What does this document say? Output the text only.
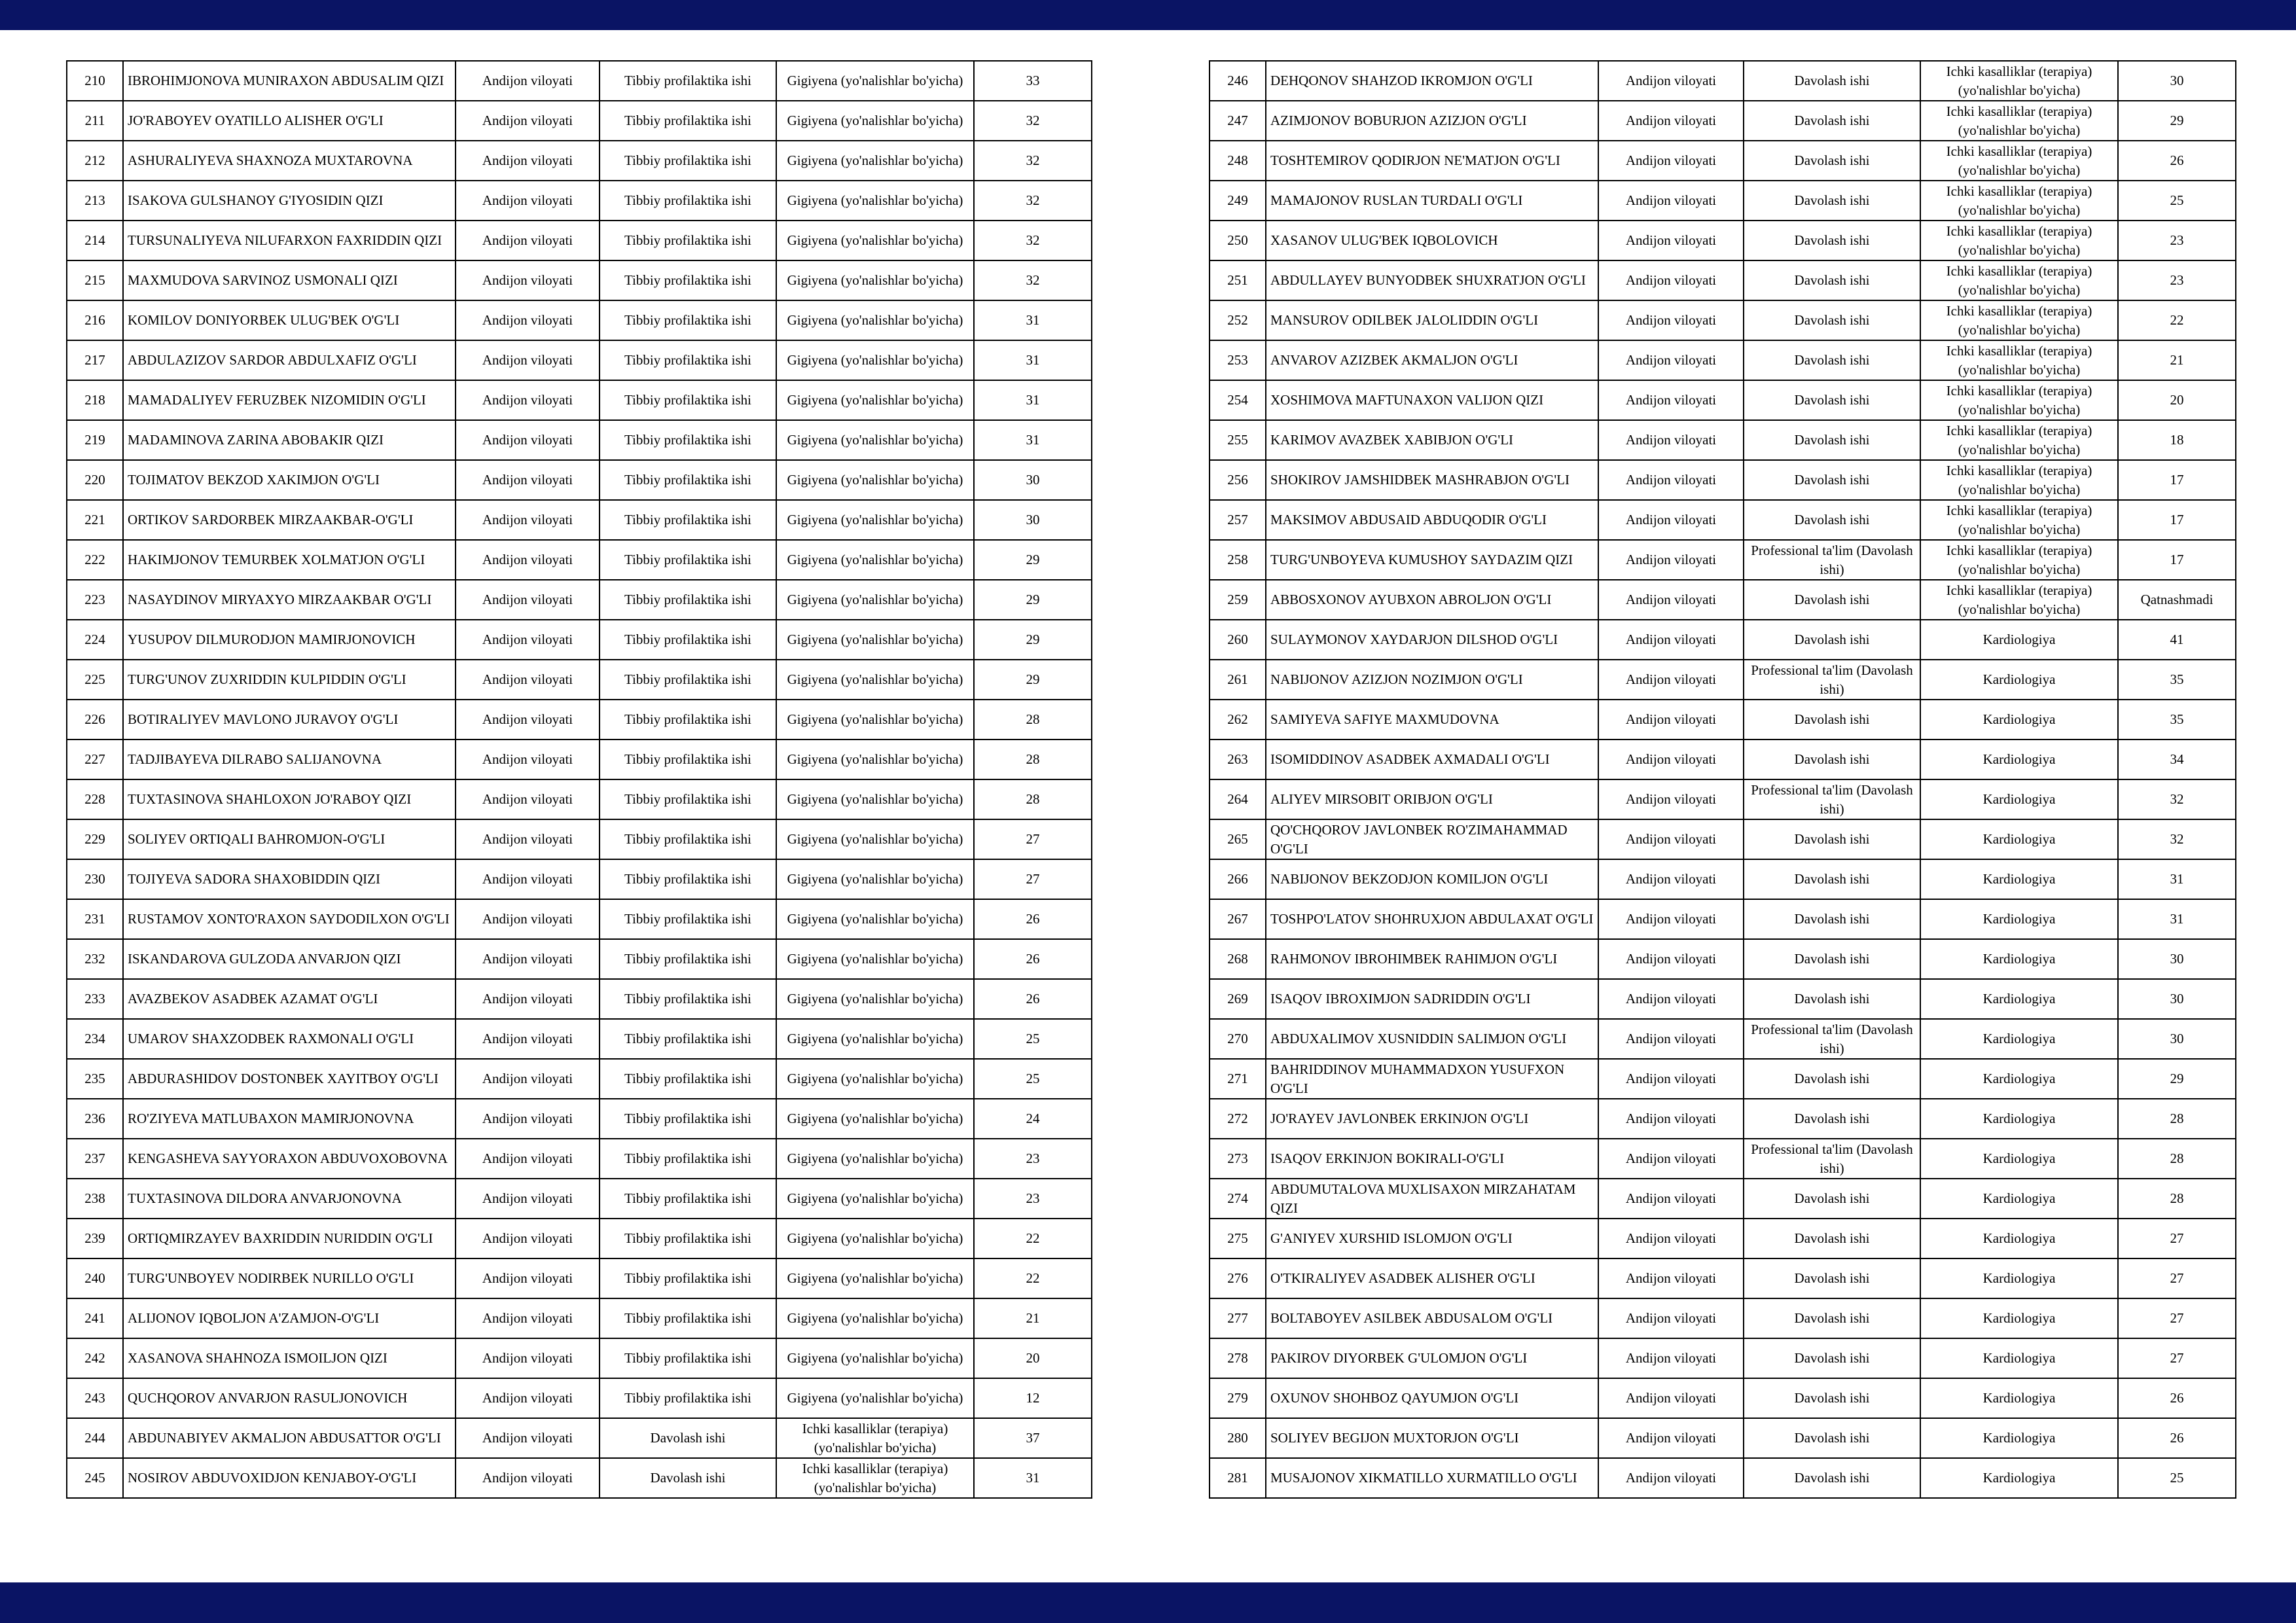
210	IBROHIMJONOVA MUNIRAXON ABDUSALIM QIZI	Andijon viloyati	Tibbiy profilaktika ishi	Gigiyena (yo'nalishlar bo'yicha)	33
211	JO'RABOYEV OYATILLO ALISHER O'G'LI	Andijon viloyati	Tibbiy profilaktika ishi	Gigiyena (yo'nalishlar bo'yicha)	32
212	ASHURALIYEVA SHAXNOZA MUXTAROVNA	Andijon viloyati	Tibbiy profilaktika ishi	Gigiyena (yo'nalishlar bo'yicha)	32
213	ISAKOVA GULSHANOY G'IYOSIDIN QIZI	Andijon viloyati	Tibbiy profilaktika ishi	Gigiyena (yo'nalishlar bo'yicha)	32
214	TURSUNALIYEVA NILUFARXON FAXRIDDIN QIZI	Andijon viloyati	Tibbiy profilaktika ishi	Gigiyena (yo'nalishlar bo'yicha)	32
215	MAXMUDOVA SARVINOZ USMONALI QIZI	Andijon viloyati	Tibbiy profilaktika ishi	Gigiyena (yo'nalishlar bo'yicha)	32
216	KOMILOV DONIYORBEK ULUG'BEK O'G'LI	Andijon viloyati	Tibbiy profilaktika ishi	Gigiyena (yo'nalishlar bo'yicha)	31
217	ABDULAZIZOV SARDOR ABDULXAFIZ O'G'LI	Andijon viloyati	Tibbiy profilaktika ishi	Gigiyena (yo'nalishlar bo'yicha)	31
218	MAMADALIYEV FERUZBEK NIZOMIDIN O'G'LI	Andijon viloyati	Tibbiy profilaktika ishi	Gigiyena (yo'nalishlar bo'yicha)	31
219	MADAMINOVA ZARINA ABOBAKIR QIZI	Andijon viloyati	Tibbiy profilaktika ishi	Gigiyena (yo'nalishlar bo'yicha)	31
220	TOJIMATOV BEKZOD XAKIMJON O'G'LI	Andijon viloyati	Tibbiy profilaktika ishi	Gigiyena (yo'nalishlar bo'yicha)	30
221	ORTIKOV SARDORBEK MIRZAAKBAR-O'G'LI	Andijon viloyati	Tibbiy profilaktika ishi	Gigiyena (yo'nalishlar bo'yicha)	30
222	HAKIMJONOV TEMURBEK XOLMATJON O'G'LI	Andijon viloyati	Tibbiy profilaktika ishi	Gigiyena (yo'nalishlar bo'yicha)	29
223	NASAYDINOV MIRYAXYO MIRZAAKBAR O'G'LI	Andijon viloyati	Tibbiy profilaktika ishi	Gigiyena (yo'nalishlar bo'yicha)	29
224	YUSUPOV DILMURODJON MAMIRJONOVICH	Andijon viloyati	Tibbiy profilaktika ishi	Gigiyena (yo'nalishlar bo'yicha)	29
225	TURG'UNOV ZUXRIDDIN KULPIDDIN O'G'LI	Andijon viloyati	Tibbiy profilaktika ishi	Gigiyena (yo'nalishlar bo'yicha)	29
226	BOTIRALIYEV MAVLONO JURAVOY O'G'LI	Andijon viloyati	Tibbiy profilaktika ishi	Gigiyena (yo'nalishlar bo'yicha)	28
227	TADJIBAYEVA DILRABO SALIJANOVNA	Andijon viloyati	Tibbiy profilaktika ishi	Gigiyena (yo'nalishlar bo'yicha)	28
228	TUXTASINOVA SHAHLOXON JO'RABOY QIZI	Andijon viloyati	Tibbiy profilaktika ishi	Gigiyena (yo'nalishlar bo'yicha)	28
229	SOLIYEV ORTIQALI BAHROMJON-O'G'LI	Andijon viloyati	Tibbiy profilaktika ishi	Gigiyena (yo'nalishlar bo'yicha)	27
230	TOJIYEVA SADORA SHAXOBIDDIN QIZI	Andijon viloyati	Tibbiy profilaktika ishi	Gigiyena (yo'nalishlar bo'yicha)	27
231	RUSTAMOV XONTO'RAXON SAYDODILXON O'G'LI	Andijon viloyati	Tibbiy profilaktika ishi	Gigiyena (yo'nalishlar bo'yicha)	26
232	ISKANDAROVA GULZODA ANVARJON QIZI	Andijon viloyati	Tibbiy profilaktika ishi	Gigiyena (yo'nalishlar bo'yicha)	26
233	AVAZBEKOV ASADBEK AZAMAT O'G'LI	Andijon viloyati	Tibbiy profilaktika ishi	Gigiyena (yo'nalishlar bo'yicha)	26
234	UMAROV SHAXZODBEK RAXMONALI O'G'LI	Andijon viloyati	Tibbiy profilaktika ishi	Gigiyena (yo'nalishlar bo'yicha)	25
235	ABDURASHIDOV DOSTONBEK XAYITBOY O'G'LI	Andijon viloyati	Tibbiy profilaktika ishi	Gigiyena (yo'nalishlar bo'yicha)	25
236	RO'ZIYEVA MATLUBAXON MAMIRJONOVNA	Andijon viloyati	Tibbiy profilaktika ishi	Gigiyena (yo'nalishlar bo'yicha)	24
237	KENGASHEVA SAYYORAXON ABDUVOXOBOVNA	Andijon viloyati	Tibbiy profilaktika ishi	Gigiyena (yo'nalishlar bo'yicha)	23
238	TUXTASINOVA DILDORA ANVARJONOVNA	Andijon viloyati	Tibbiy profilaktika ishi	Gigiyena (yo'nalishlar bo'yicha)	23
239	ORTIQMIRZAYEV BAXRIDDIN NURIDDIN O'G'LI	Andijon viloyati	Tibbiy profilaktika ishi	Gigiyena (yo'nalishlar bo'yicha)	22
240	TURG'UNBOYEV NODIRBEK NURILLO O'G'LI	Andijon viloyati	Tibbiy profilaktika ishi	Gigiyena (yo'nalishlar bo'yicha)	22
241	ALIJONOV IQBOLJON A'ZAMJON-O'G'LI	Andijon viloyati	Tibbiy profilaktika ishi	Gigiyena (yo'nalishlar bo'yicha)	21
242	XASANOVA SHAHNOZA ISMOILJON QIZI	Andijon viloyati	Tibbiy profilaktika ishi	Gigiyena (yo'nalishlar bo'yicha)	20
243	QUCHQOROV ANVARJON RASULJONOVICH	Andijon viloyati	Tibbiy profilaktika ishi	Gigiyena (yo'nalishlar bo'yicha)	12
244	ABDUNABIYEV AKMALJON ABDUSATTOR O'G'LI	Andijon viloyati	Davolash ishi	Ichki kasalliklar (terapiya) (yo'nalishlar bo'yicha)	37
245	NOSIROV ABDUVOXIDJON KENJABOY-O'G'LI	Andijon viloyati	Davolash ishi	Ichki kasalliklar (terapiya) (yo'nalishlar bo'yicha)	31
246	DEHQONOV SHAHZOD IKROMJON O'G'LI	Andijon viloyati	Davolash ishi	Ichki kasalliklar (terapiya) (yo'nalishlar bo'yicha)	30
247	AZIMJONOV BOBURJON AZIZJON O'G'LI	Andijon viloyati	Davolash ishi	Ichki kasalliklar (terapiya) (yo'nalishlar bo'yicha)	29
248	TOSHTEMIROV QODIRJON NE'MATJON O'G'LI	Andijon viloyati	Davolash ishi	Ichki kasalliklar (terapiya) (yo'nalishlar bo'yicha)	26
249	MAMAJONOV RUSLAN TURDALI O'G'LI	Andijon viloyati	Davolash ishi	Ichki kasalliklar (terapiya) (yo'nalishlar bo'yicha)	25
250	XASANOV ULUG'BEK IQBOLOVICH	Andijon viloyati	Davolash ishi	Ichki kasalliklar (terapiya) (yo'nalishlar bo'yicha)	23
251	ABDULLAYEV BUNYODBEK SHUXRATJON O'G'LI	Andijon viloyati	Davolash ishi	Ichki kasalliklar (terapiya) (yo'nalishlar bo'yicha)	23
252	MANSUROV ODILBEK JALOLIDDIN O'G'LI	Andijon viloyati	Davolash ishi	Ichki kasalliklar (terapiya) (yo'nalishlar bo'yicha)	22
253	ANVAROV AZIZBEK AKMALJON O'G'LI	Andijon viloyati	Davolash ishi	Ichki kasalliklar (terapiya) (yo'nalishlar bo'yicha)	21
254	XOSHIMOVA MAFTUNAXON VALIJON QIZI	Andijon viloyati	Davolash ishi	Ichki kasalliklar (terapiya) (yo'nalishlar bo'yicha)	20
255	KARIMOV AVAZBEK XABIBJON O'G'LI	Andijon viloyati	Davolash ishi	Ichki kasalliklar (terapiya) (yo'nalishlar bo'yicha)	18
256	SHOKIROV JAMSHIDBEK MASHRABJON O'G'LI	Andijon viloyati	Davolash ishi	Ichki kasalliklar (terapiya) (yo'nalishlar bo'yicha)	17
257	MAKSIMOV ABDUSAID ABDUQODIR O'G'LI	Andijon viloyati	Davolash ishi	Ichki kasalliklar (terapiya) (yo'nalishlar bo'yicha)	17
258	TURG'UNBOYEVA KUMUSHOY SAYDAZIM QIZI	Andijon viloyati	Professional ta'lim (Davolash ishi)	Ichki kasalliklar (terapiya) (yo'nalishlar bo'yicha)	17
259	ABBOSXONOV AYUBXON ABROLJON O'G'LI	Andijon viloyati	Davolash ishi	Ichki kasalliklar (terapiya) (yo'nalishlar bo'yicha)	Qatnashmadi
260	SULAYMONOV XAYDARJON DILSHOD O'G'LI	Andijon viloyati	Davolash ishi	Kardiologiya	41
261	NABIJONOV AZIZJON NOZIMJON O'G'LI	Andijon viloyati	Professional ta'lim (Davolash ishi)	Kardiologiya	35
262	SAMIYEVA SAFIYE MAXMUDOVNA	Andijon viloyati	Davolash ishi	Kardiologiya	35
263	ISOMIDDINOV ASADBEK AXMADALI O'G'LI	Andijon viloyati	Davolash ishi	Kardiologiya	34
264	ALIYEV MIRSOBIT ORIBJON O'G'LI	Andijon viloyati	Professional ta'lim (Davolash ishi)	Kardiologiya	32
265	QO'CHQOROV JAVLONBEK RO'ZIMAHAMMAD O'G'LI	Andijon viloyati	Davolash ishi	Kardiologiya	32
266	NABIJONOV BEKZODJON KOMILJON O'G'LI	Andijon viloyati	Davolash ishi	Kardiologiya	31
267	TOSHPO'LATOV SHOHRUXJON ABDULAXAT O'G'LI	Andijon viloyati	Davolash ishi	Kardiologiya	31
268	RAHMONOV IBROHIMBEK RAHIMJON O'G'LI	Andijon viloyati	Davolash ishi	Kardiologiya	30
269	ISAQOV IBROXIMJON SADRIDDIN O'G'LI	Andijon viloyati	Davolash ishi	Kardiologiya	30
270	ABDUXALIMOV XUSNIDDIN SALIMJON O'G'LI	Andijon viloyati	Professional ta'lim (Davolash ishi)	Kardiologiya	30
271	BAHRIDDINOV MUHAMMADXON YUSUFXON O'G'LI	Andijon viloyati	Davolash ishi	Kardiologiya	29
272	JO'RAYEV JAVLONBEK ERKINJON O'G'LI	Andijon viloyati	Davolash ishi	Kardiologiya	28
273	ISAQOV ERKINJON BOKIRALI-O'G'LI	Andijon viloyati	Professional ta'lim (Davolash ishi)	Kardiologiya	28
274	ABDUMUTALOVA MUXLISAXON MIRZAHATAM QIZI	Andijon viloyati	Davolash ishi	Kardiologiya	28
275	G'ANIYEV XURSHID ISLOMJON O'G'LI	Andijon viloyati	Davolash ishi	Kardiologiya	27
276	O'TKIRALIYEV ASADBEK ALISHER O'G'LI	Andijon viloyati	Davolash ishi	Kardiologiya	27
277	BOLTABOYEV ASILBEK ABDUSALOM O'G'LI	Andijon viloyati	Davolash ishi	Kardiologiya	27
278	PAKIROV DIYORBEK G'ULOMJON O'G'LI	Andijon viloyati	Davolash ishi	Kardiologiya	27
279	OXUNOV SHOHBOZ QAYUMJON O'G'LI	Andijon viloyati	Davolash ishi	Kardiologiya	26
280	SOLIYEV BEGIJON MUXTORJON O'G'LI	Andijon viloyati	Davolash ishi	Kardiologiya	26
281	MUSAJONOV XIKMATILLO XURMATILLO O'G'LI	Andijon viloyati	Davolash ishi	Kardiologiya	25
